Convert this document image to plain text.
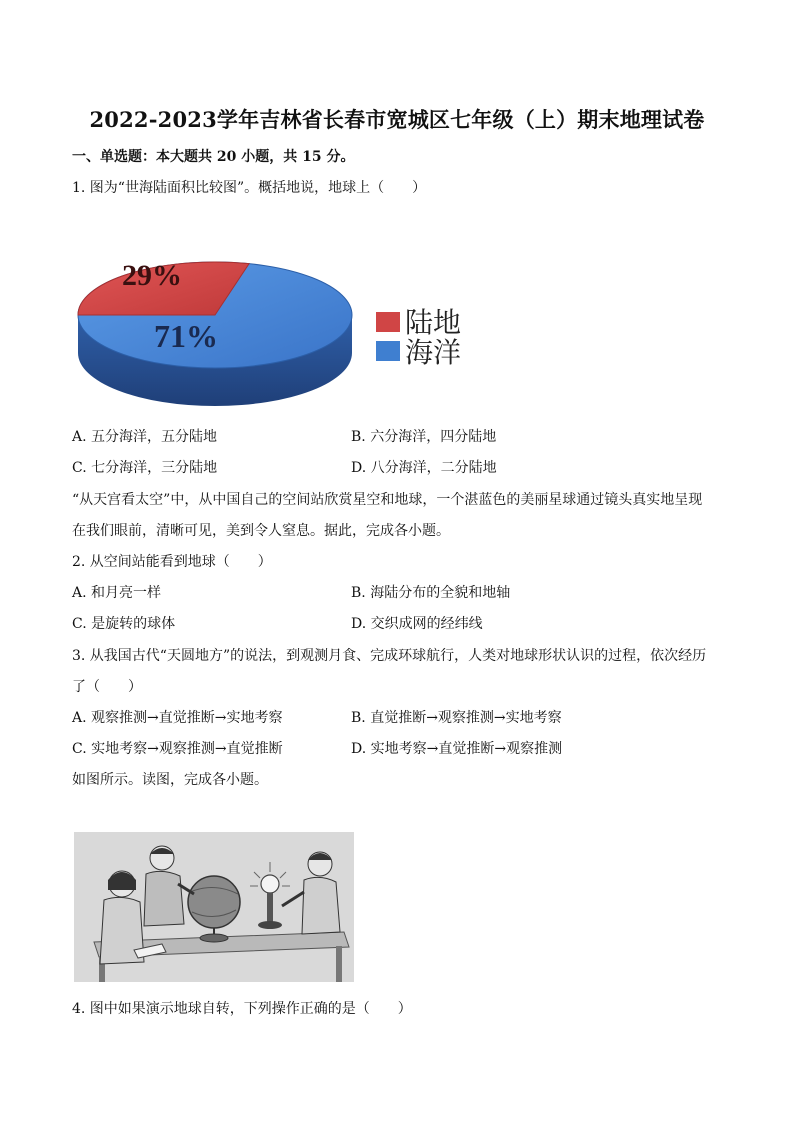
2022-2023学年吉林省长春市宽城区七年级（上）期末地理试卷
一、单选题：本大题共 20 小题，共 15 分。
1. 图为“世海陆面积比较图”。概括地说，地球上（　　）
29%
71%	陆地
海洋
A. 五分海洋，五分陆地	B. 六分海洋，四分陆地
C. 七分海洋，三分陆地	D. 八分海洋，二分陆地
“从天宫看太空”中，从中国自己的空间站欣赏星空和地球，一个湛蓝色的美丽星球通过镜头真实地呈现
在我们眼前，清晰可见，美到令人窒息。据此，完成各小题。
2. 从空间站能看到地球（　　）
A. 和月亮一样	B. 海陆分布的全貌和地轴
C. 是旋转的球体	D. 交织成网的经纬线
3. 从我国古代“天圆地方”的说法，到观测月食、完成环球航行，人类对地球形状认识的过程，依次经历
了（　　）
A. 观察推测→直觉推断→实地考察	B. 直觉推断→观察推测→实地考察
C. 实地考察→观察推测→直觉推断	D. 实地考察→直觉推断→观察推测
如图所示。读图，完成各小题。
4. 图中如果演示地球自转，下列操作正确的是（　　）
